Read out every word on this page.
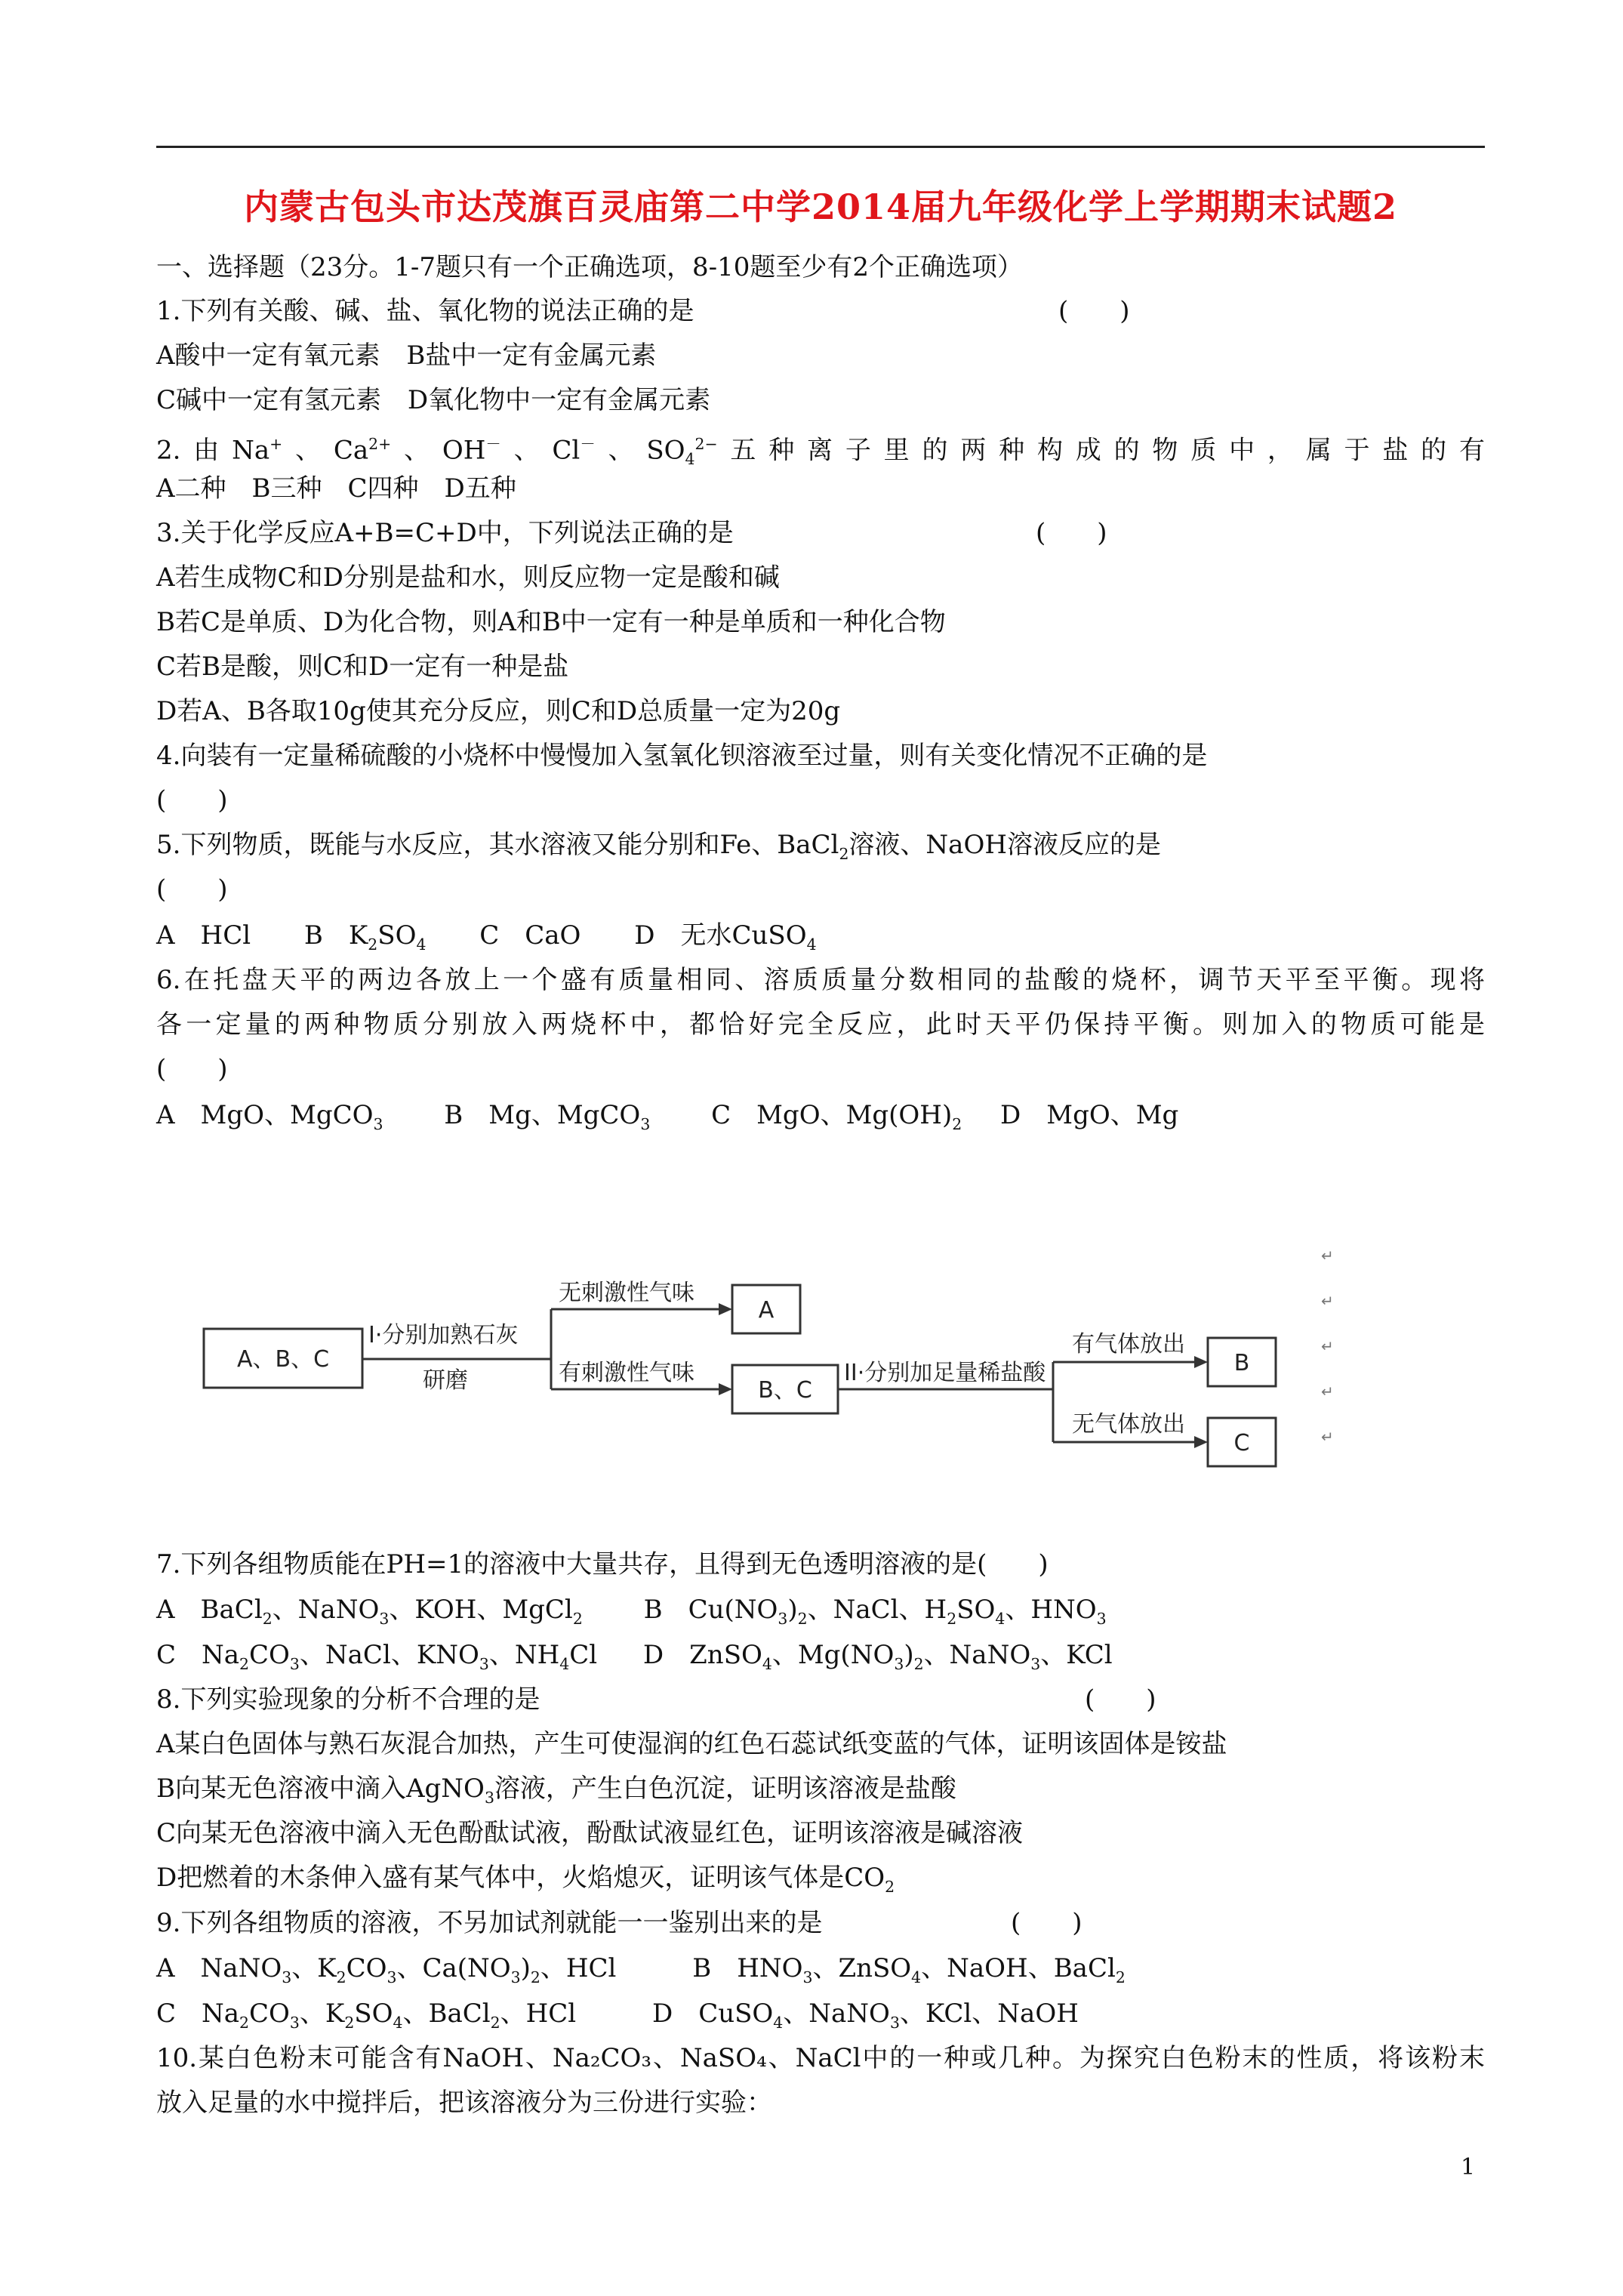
内蒙古包头市达茂旗百灵庙第二中学2014届九年级化学上学期期末试题2
一、选择题（23分。1-7题只有一个正确选项，8-10题至少有2个正确选项）
1.下列有关酸、碱、盐、氧化物的说法正确的是	(　　)
A酸中一定有氧元素 B盐中一定有金属元素
C碱中一定有氢元素 D氧化物中一定有金属元素
2.由Na+、$Ca^{2+}$、OH－、Cl－、$SO_4^{2-}$五种离子里的两种构成的物质中，属于盐的有
A二种　B三种　C四种　D五种
3.关于化学反应A+B=C+D中，下列说法正确的是	(　　)
A若生成物C和D分别是盐和水，则反应物一定是酸和碱
B若C是单质、D为化合物，则A和B中一定有一种是单质和一种化合物
C若B是酸，则C和D一定有一种是盐
D若A、B各取10g使其充分反应，则C和D总质量一定为20g
4.向装有一定量稀硫酸的小烧杯中慢慢加入氢氧化钡溶液至过量，则有关变化情况不正确的是
(　　)
5.下列物质，既能与水反应，其水溶液又能分别和Fe、BaCl$_2$溶液、NaOH溶液反应的是
(　　)
A　HCl B　$K_2SO_4$ C　CaO D　无水CuSO$_4$
6.在托盘天平的两边各放上一个盛有质量相同、溶质质量分数相同的盐酸的烧杯，调节天平至平衡。现将
各一定量的两种物质分别放入两烧杯中，都恰好完全反应，此时天平仍保持平衡。则加入的物质可能是
(　　)
A　MgO、MgCO$_3$ B　Mg、MgCO$_3$ C　MgO、$Mg(OH)_2$ D　MgO、Mg
A、B、C
I·分别加熟石灰
研磨
无刺激性气味
A
有刺激性气味
B、C
II·分别加足量稀盐酸
有气体放出
B
无气体放出
C
↵
↵
↵
↵
↵
7.下列各组物质能在PH=1的溶液中大量共存，且得到无色透明溶液的是(　　)
A　BaCl$_2$、NaNO$_3$、KOH、MgCl$_2$ B　$Cu(NO_3)_2$、NaCl、$H_2SO_4$、$HNO_3$
C　$Na_2CO_3$、NaCl、$KNO_3$、$NH_4Cl$ D　ZnSO$_4$、$Mg(NO_3)_2$、NaNO$_3$、KCl
8.下列实验现象的分析不合理的是	(　　)
A某白色固体与熟石灰混合加热，产生可使湿润的红色石蕊试纸变蓝的气体，证明该固体是铵盐
B向某无色溶液中滴入AgNO$_3$溶液，产生白色沉淀，证明该溶液是盐酸
C向某无色溶液中滴入无色酚酞试液，酚酞试液显红色，证明该溶液是碱溶液
D把燃着的木条伸入盛有某气体中，火焰熄灭，证明该气体是$CO_2$
9.下列各组物质的溶液，不另加试剂就能一一鉴别出来的是	(　　)
A　NaNO$_3$、$K_2CO_3$、$Ca(NO_3)_2$、HCl	B　$HNO_3$、ZnSO$_4$、NaOH、BaCl$_2$
C　$Na_2CO_3$、$K_2SO_4$、BaCl$_2$、HCl	D　CuSO$_4$、NaNO$_3$、KCl、NaOH
10.某白色粉末可能含有NaOH、Na₂CO₃、NaSO₄、NaCl中的一种或几种。为探究白色粉末的性质，将该粉末
放入足量的水中搅拌后，把该溶液分为三份进行实验：
1
